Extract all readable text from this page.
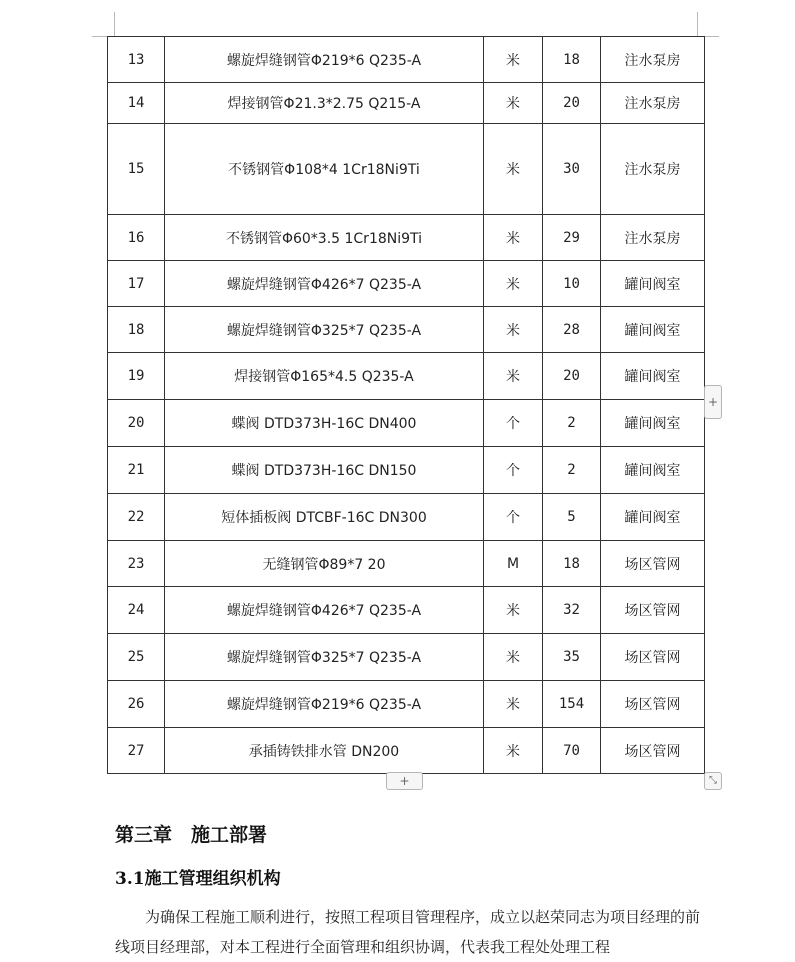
13	螺旋焊缝钢管Φ219*6 Q235-A	米	18	注水泵房
14	焊接钢管Φ21.3*2.75 Q215-A	米	20	注水泵房
15	不锈钢管Φ108*4 1Cr18Ni9Ti	米	30	注水泵房
16	不锈钢管Φ60*3.5 1Cr18Ni9Ti	米	29	注水泵房
17	螺旋焊缝钢管Φ426*7 Q235-A	米	10	罐间阀室
18	螺旋焊缝钢管Φ325*7 Q235-A	米	28	罐间阀室
19	焊接钢管Φ165*4.5 Q235-A	米	20	罐间阀室
20	蝶阀 DTD373H-16C DN400	个	2	罐间阀室
21	蝶阀 DTD373H-16C DN150	个	2	罐间阀室
22	短体插板阀 DTCBF-16C DN300	个	5	罐间阀室
23	无缝钢管Φ89*7 20	M	18	场区管网
24	螺旋焊缝钢管Φ426*7 Q235-A	米	32	场区管网
25	螺旋焊缝钢管Φ325*7 Q235-A	米	35	场区管网
26	螺旋焊缝钢管Φ219*6 Q235-A	米	154	场区管网
27	承插铸铁排水管 DN200	米	70	场区管网
+
+	⤡
第三章　施工部署
3.1施工管理组织机构
为确保工程施工顺利进行，按照工程项目管理程序，成立以赵荣同志为项目经理的前线项目经理部，对本工程进行全面管理和组织协调，代表我工程处处理工程
